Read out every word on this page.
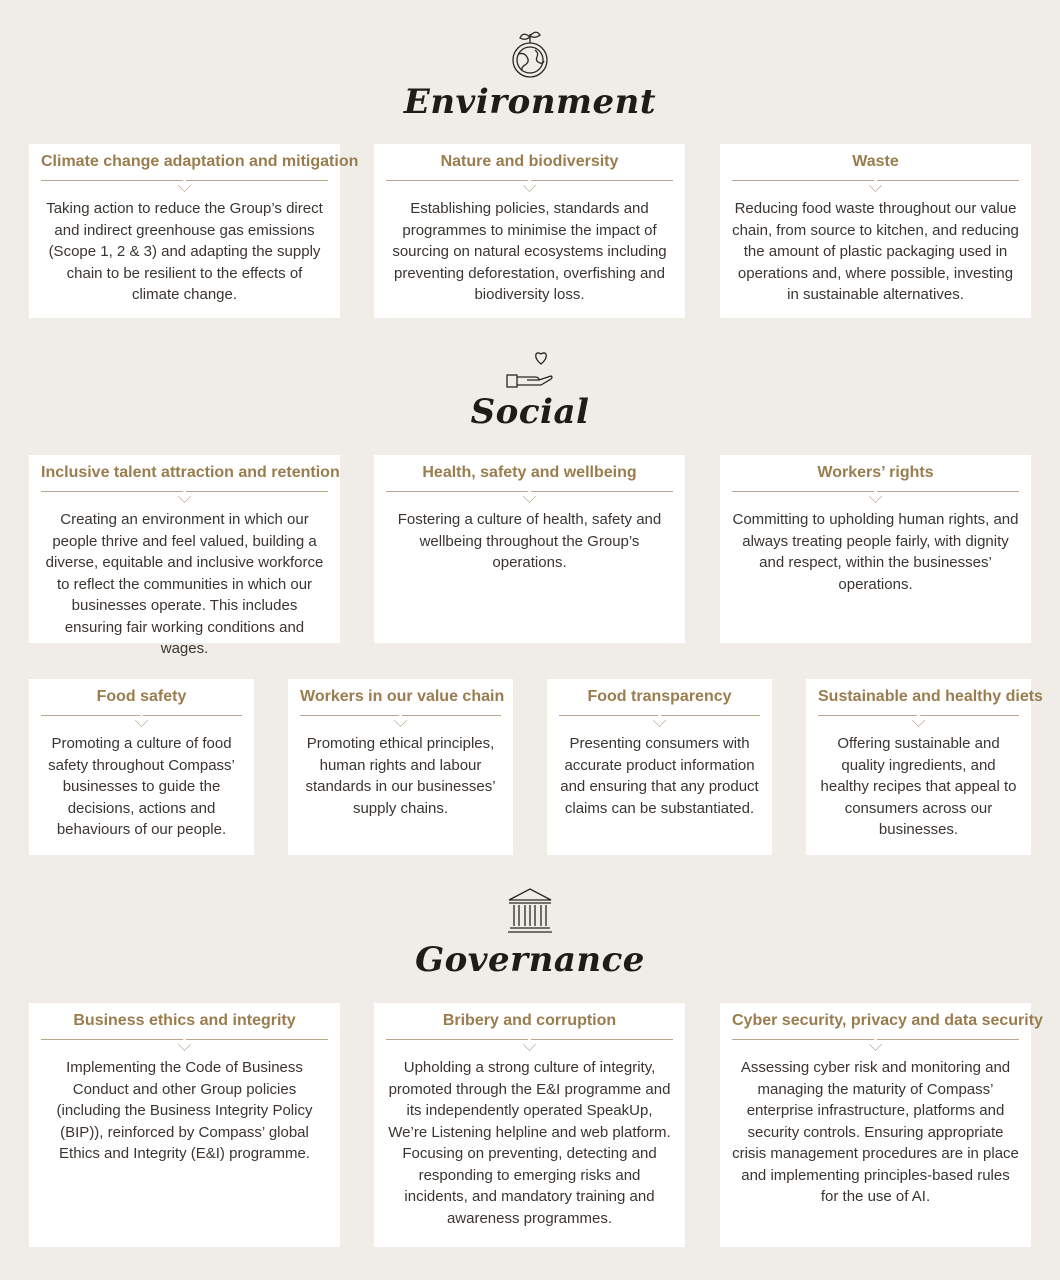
Environment
Climate change adaptation and mitigation
Taking action to reduce the Group’s direct and indirect greenhouse gas emissions (Scope 1, 2 & 3) and adapting the supply chain to be resilient to the effects of climate change.
Nature and biodiversity
Establishing policies, standards and programmes to minimise the impact of sourcing on natural ecosystems including preventing deforestation, overfishing and biodiversity loss.
Waste
Reducing food waste throughout our value chain, from source to kitchen, and reducing the amount of plastic packaging used in operations and, where possible, investing in sustainable alternatives.
Social
Inclusive talent attraction and retention
Creating an environment in which our people thrive and feel valued, building a diverse, equitable and inclusive workforce to reflect the communities in which our businesses operate. This includes ensuring fair working conditions and wages.
Health, safety and wellbeing
Fostering a culture of health, safety and wellbeing throughout the Group’s operations.
Workers’ rights
Committing to upholding human rights, and always treating people fairly, with dignity and respect, within the businesses’ operations.
Food safety
Promoting a culture of food safety throughout Compass’ businesses to guide the decisions, actions and behaviours of our people.
Workers in our value chain
Promoting ethical principles, human rights and labour standards in our businesses’ supply chains.
Food transparency
Presenting consumers with accurate product information and ensuring that any product claims can be substantiated.
Sustainable and healthy diets
Offering sustainable and quality ingredients, and healthy recipes that appeal to consumers across our businesses.
Governance
Business ethics and integrity
Implementing the Code of Business Conduct and other Group policies (including the Business Integrity Policy (BIP)), reinforced by Compass’ global Ethics and Integrity (E&I) programme.
Bribery and corruption
Upholding a strong culture of integrity, promoted through the E&I programme and its independently operated SpeakUp, We’re Listening helpline and web platform. Focusing on preventing, detecting and responding to emerging risks and incidents, and mandatory training and awareness programmes.
Cyber security, privacy and data security
Assessing cyber risk and monitoring and managing the maturity of Compass’ enterprise infrastructure, platforms and security controls. Ensuring appropriate crisis management procedures are in place and implementing principles-based rules for the use of AI.
